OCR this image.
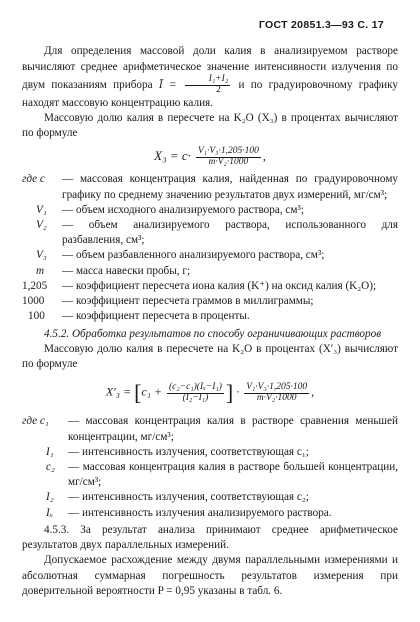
ГОСТ 20851.3—93 С. 17

Для определения массовой доли калия в анализируемом растворе вычисляют среднее арифметическое значение интенсивности излучения по двум показаниям прибора Ī = $\frac{\text{I₁+I₂}}{2}$ и по градуировочному графику находят массовую концентрацию калия.

Массовую долю калия в пересчете на K₂O (X₃) в процентах вычисляют по формуле

$X_3 = c\cdot \frac{\text{V₁·V₃·1,205·100}}{\text{m·V₂·1000}}$ ,
где c	— массовая концентрация калия, найденная по градуировочному графику по среднему значению результатов двух измерений, мг/см³;
V₁	— объем исходного анализируемого раствора, см³;
V₂	— объем анализируемого раствора, использованного для разбавления, см³;
V₃	— объем разбавленного анализируемого раствора, см³;
m	— масса навески пробы, г;
1,205	— коэффициент пересчета иона калия (K⁺) на оксид калия (K₂O);
1000	— коэффициент пересчета граммов в миллиграммы;
100	— коэффициент пересчета в проценты.

4.5.2. Обработка результатов по способу ограничивающих растворов

Массовую долю калия в пересчете на K₂O в процентах (X′₃) вычисляют по формуле

$X'_3 = [c_1 + \frac{\text{(c₂−c₁)(Iₓ−I₁)}}{\text{(I₂−I₁)}}$ ] · $\frac{\text{V₁·V₃·1,205·100}}{\text{m·V₂·1000}}$ ,
где c₁	— массовая концентрация калия в растворе сравнения меньшей концентрации, мг/см³;
I₁	— интенсивность излучения, соответствующая c₁;
c₂	— массовая концентрация калия в растворе большей концентрации, мг/см³;
I₂	— интенсивность излучения, соответствующая c₂;
Iₓ	— интенсивность излучения анализируемого раствора.

4.5.3. За результат анализа принимают среднее арифметическое результатов двух параллельных измерений.

Допускаемое расхождение между двумя параллельными измерениями и абсолютная суммарная погрешность результатов измерения при доверительной вероятности P = 0,95 указаны в табл. 6.
